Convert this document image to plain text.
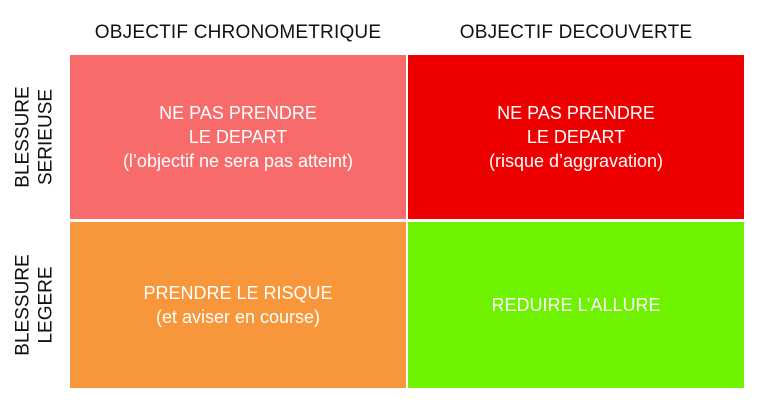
OBJECTIF CHRONOMETRIQUE	OBJECTIF DECOUVERTE
BLESSURE SERIEUSE
BLESSURE LEGERE
NE PAS PRENDRE
LE DEPART
(l’objectif ne sera pas atteint)
NE PAS PRENDRE
LE DEPART
(risque d’aggravation)
PRENDRE LE RISQUE
(et aviser en course)
REDUIRE L’ALLURE
